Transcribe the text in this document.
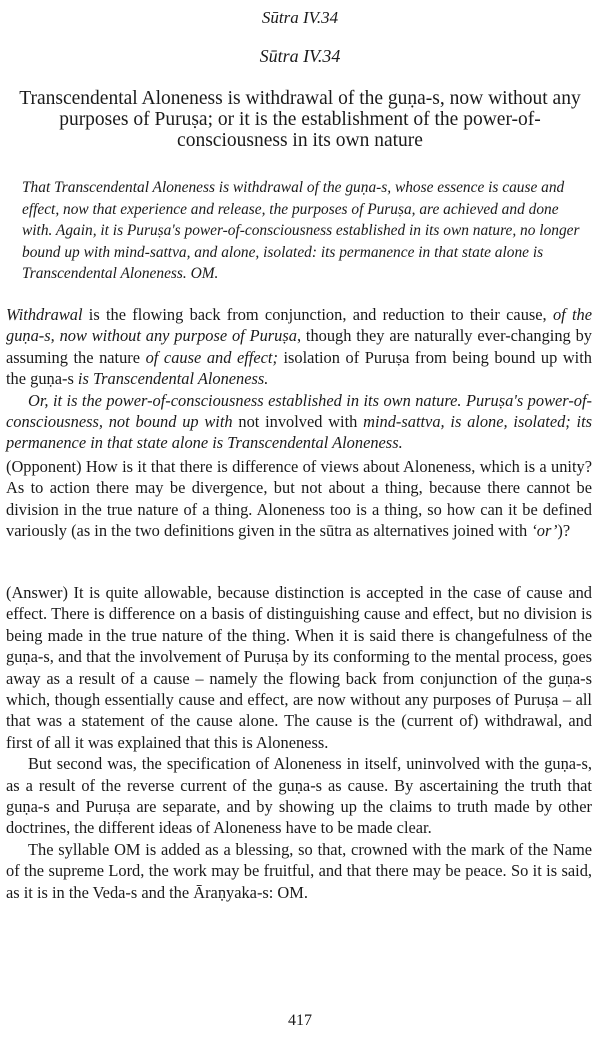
Sūtra IV.34
Sūtra IV.34
Transcendental Aloneness is withdrawal of the guṇa-s, now without any purposes of Puruṣa; or it is the establishment of the power-of-consciousness in its own nature
That Transcendental Aloneness is withdrawal of the guṇa-s, whose essence is cause and effect, now that experience and release, the purposes of Puruṣa, are achieved and done with. Again, it is Puruṣa's power-of-consciousness established in its own nature, no longer bound up with mind-sattva, and alone, isolated: its permanence in that state alone is Transcendental Aloneness. OM.

Withdrawal is the flowing back from conjunction, and reduction to their cause, of the guṇa-s, now without any purpose of Puruṣa, though they are naturally ever-changing by assuming the nature of cause and effect; isolation of Puruṣa from being bound up with the guṇa-s is Transcendental Aloneness.

Or, it is the power-of-consciousness established in its own nature. Puruṣa's power-of-consciousness, not bound up with not involved with mind-sattva, is alone, isolated; its permanence in that state alone is Transcendental Aloneness.

(Opponent) How is it that there is difference of views about Aloneness, which is a unity? As to action there may be divergence, but not about a thing, because there cannot be division in the true nature of a thing. Aloneness too is a thing, so how can it be defined variously (as in the two definitions given in the sūtra as alternatives joined with ‘or’)?

(Answer) It is quite allowable, because distinction is accepted in the case of cause and effect. There is difference on a basis of distinguishing cause and effect, but no division is being made in the true nature of the thing. When it is said there is changefulness of the guṇa-s, and that the involvement of Puruṣa by its conforming to the mental process, goes away as a result of a cause – namely the flowing back from conjunction of the guṇa-s which, though essentially cause and effect, are now without any purposes of Puruṣa – all that was a statement of the cause alone. The cause is the (current of) withdrawal, and first of all it was explained that this is Aloneness.

But second was, the specification of Aloneness in itself, uninvolved with the guṇa-s, as a result of the reverse current of the guṇa-s as cause. By ascertaining the truth that guṇa-s and Puruṣa are separate, and by showing up the claims to truth made by other doctrines, the different ideas of Aloneness have to be made clear.

The syllable OM is added as a blessing, so that, crowned with the mark of the Name of the supreme Lord, the work may be fruitful, and that there may be peace. So it is said, as it is in the Veda-s and the Āraṇyaka-s: OM.

417
